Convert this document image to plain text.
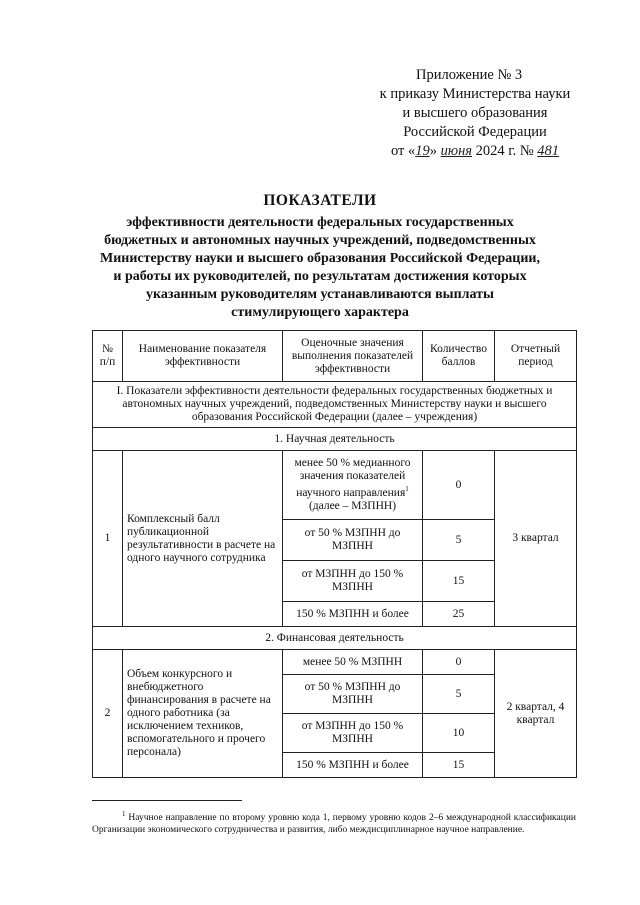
Приложение № 3
к приказу Министерства науки
и высшего образования
Российской Федерации
от «19» июня 2024 г. № 481
ПОКАЗАТЕЛИ
эффективности деятельности федеральных государственных
бюджетных и автономных научных учреждений, подведомственных
Министерству науки и высшего образования Российской Федерации,
и работы их руководителей, по результатам достижения которых
указанным руководителям устанавливаются выплаты
стимулирующего характера
№ п/п	Наименование показателя эффективности	Оценочные значения выполнения показателей эффективности	Количество баллов	Отчетный период
I. Показатели эффективности деятельности федеральных государственных бюджетных и автономных научных учреждений, подведомственных Министерству науки и высшего образования Российской Федерации (далее – учреждения)				
1. Научная деятельность				
1	Комплексный балл публикационной результативности в расчете на одного научного сотрудника	менее 50 % медианного значения показателей научного направления$^1$ (далее – МЗПНН)	0	3 квартал
		от 50 % МЗПНН до МЗПНН	5	
		от МЗПНН до 150 % МЗПНН	15	
		150 % МЗПНН и более	25	
2. Финансовая деятельность				
2	Объем конкурсного и внебюджетного финансирования в расчете на одного работника (за исключением техников, вспомогательного и прочего персонала)	менее 50 % МЗПНН	0	2 квартал, 4 квартал
		от 50 % МЗПНН до МЗПНН	5	
		от МЗПНН до 150 % МЗПНН	10	
		150 % МЗПНН и более	15	
$^1$ Научное направление по второму уровню кода 1, первому уровню кодов 2–6 международной классификации Организации экономического сотрудничества и развития, либо междисциплинарное научное направление.
